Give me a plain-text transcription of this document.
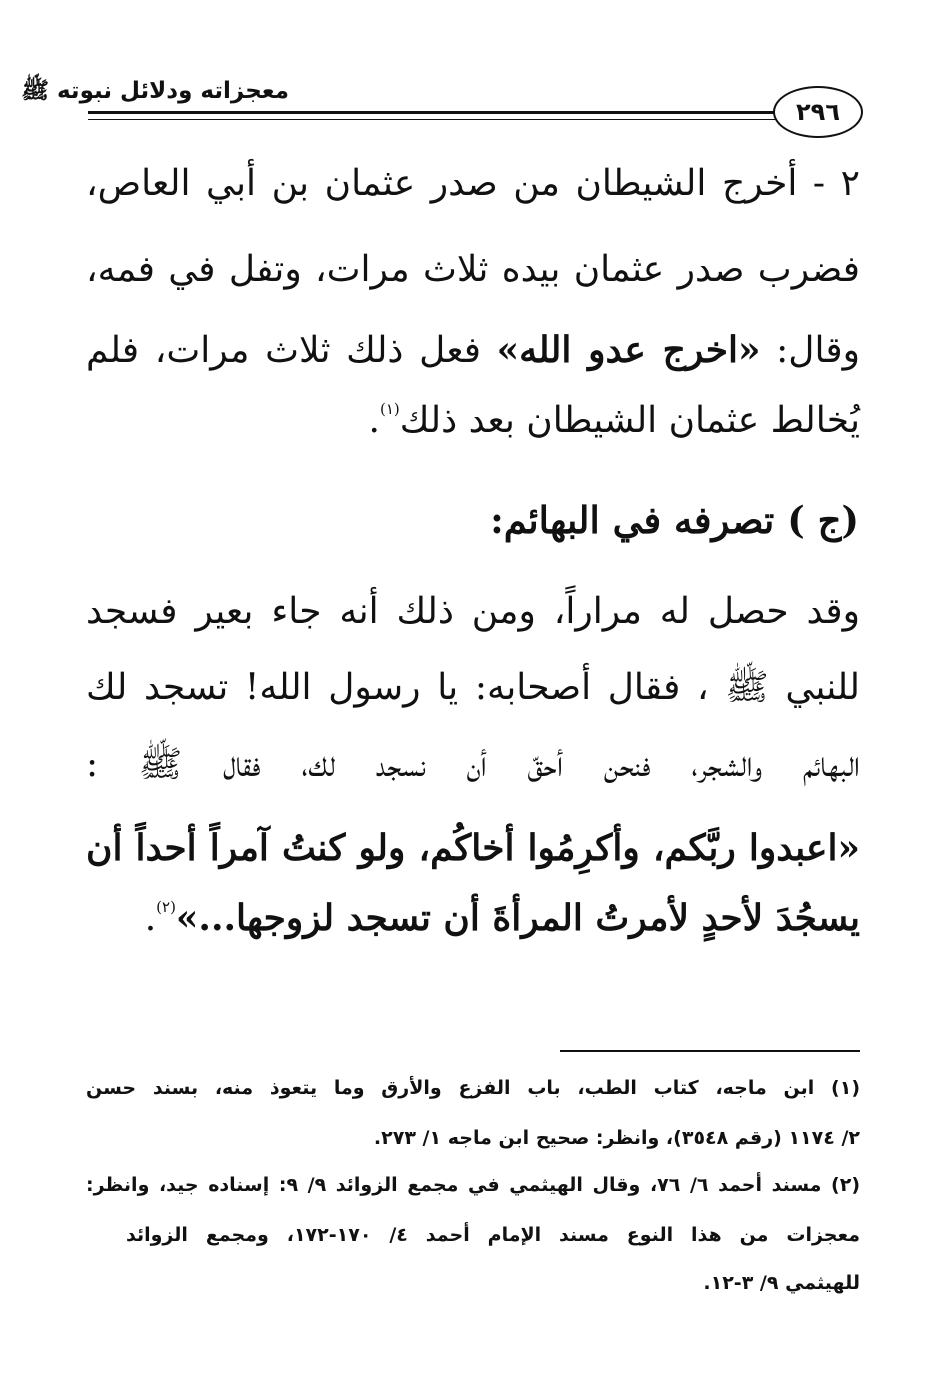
معجزاته ودلائل نبوته ﷺ
٢٩٦
٢ - أخرج الشيطان من صدر عثمان بن أبي العاص،
فضرب صدر عثمان بيده ثلاث مرات، وتفل في فمه،
وقال: «اخرج عدو الله» فعل ذلك ثلاث مرات، فلم
يُخالط عثمان الشيطان بعد ذلك$^{(١)}$.
(ج ) تصرفه في البهائم:
وقد حصل له مراراً، ومن ذلك أنه جاء بعير فسجد
للنبي ﷺ ، فقال أصحابه: يا رسول الله! تسجد لك
البهائم والشجر، فنحن أحقّ أن نسجد لك، فقال ﷺ :
«اعبدوا ربَّكم، وأكرِمُوا أخاكُم، ولو كنتُ آمراً أحداً أن
يسجُدَ لأحدٍ لأمرتُ المرأةَ أن تسجد لزوجها...»$^{(٢)}$.
(١) ابن ماجه، كتاب الطب، باب الفزع والأرق وما يتعوذ منه، بسند حسن
٢/ ١١٧٤ (رقم ٣٥٤٨)، وانظر: صحيح ابن ماجه ١/ ٢٧٣.
(٢) مسند أحمد ٦/ ٧٦، وقال الهيثمي في مجمع الزوائد ٩/ ٩: إسناده جيد، وانظر:
معجزات من هذا النوع مسند الإمام أحمد ٤/ ١٧٠-١٧٢، ومجمع الزوائد
للهيثمي ٩/ ٣-١٢.
